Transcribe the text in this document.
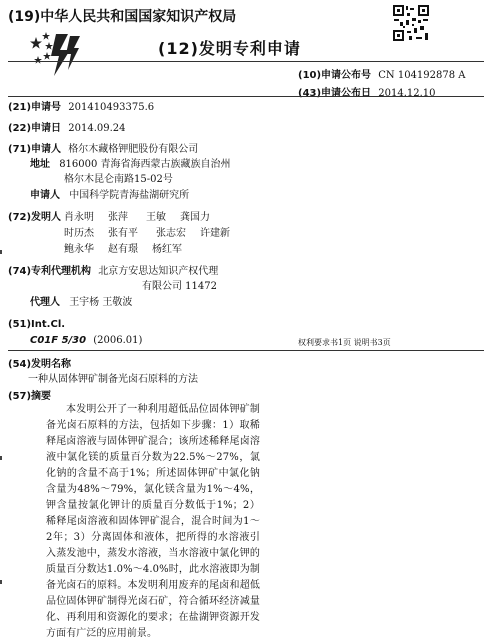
(19)中华人民共和国国家知识产权局
(12)发明专利申请
(10)申请公布号 CN 104192878 A
(43)申请公布日 2014.12.10
(21)申请号 201410493375.6
(22)申请日 2014.09.24
(71)申请人 格尔木藏格钾肥股份有限公司
地址 816000 青海省海西蒙古族藏族自治州
格尔木昆仑南路15-02号
申请人 中国科学院青海盐湖研究所
(72)发明人 肖永明 张萍 王敏 龚国力
时历杰 张有平 张志宏 许建新
鲍永华 赵有璟 杨红军
(74)专利代理机构 北京方安思达知识产权代理
有限公司 11472
代理人 王宇杨 王敬波
(51)Int.Cl.
C01F 5/30 (2006.01)	权利要求书1页 说明书3页
(54)发明名称
一种从固体钾矿制备光卤石原料的方法
(57)摘要
本发明公开了一种利用超低品位固体钾矿制备光卤石原料的方法，包括如下步骤：1）取稀释尾卤溶液与固体钾矿混合；该所述稀释尾卤溶液中氯化镁的质量百分数为22.5%～27%，氯化钠的含量不高于1%；所述固体钾矿中氯化钠含量为48%～79%，氯化镁含量为1%～4%，钾含量按氯化钾计的质量百分数低于1%；2）稀释尾卤溶液和固体钾矿混合，混合时间为1～2年；3）分离固体和液体，把所得的水溶液引入蒸发池中，蒸发水溶液，当水溶液中氯化钾的质量百分数达1.0%～4.0%时，此水溶液即为制备光卤石的原料。本发明利用废弃的尾卤和超低品位固体钾矿制得光卤石矿，符合循环经济减量化、再利用和资源化的要求；在盐湖钾资源开发方面有广泛的应用前景。
